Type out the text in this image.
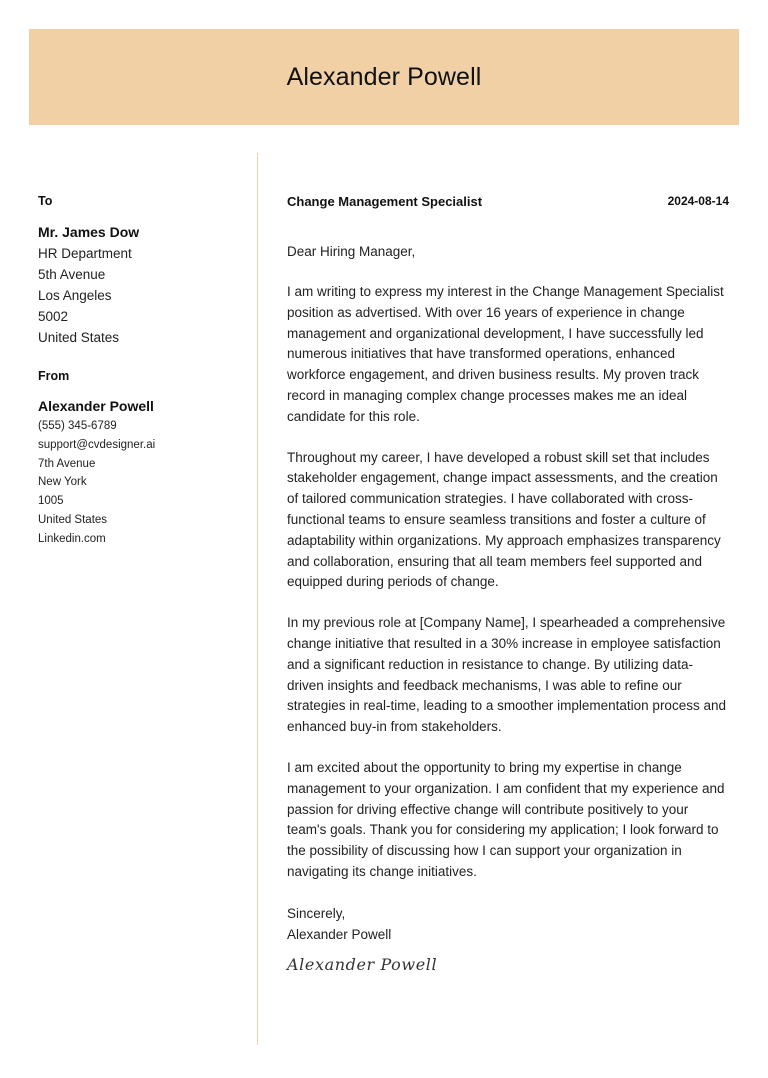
Alexander Powell
To
Mr. James Dow
HR Department
5th Avenue
Los Angeles
5002
United States
From
Alexander Powell
(555) 345-6789
support@cvdesigner.ai
7th Avenue
New York
1005
United States
Linkedin.com
Change Management Specialist	2024-08-14
Dear Hiring Manager,
I am writing to express my interest in the Change Management Specialist position as advertised. With over 16 years of experience in change management and organizational development, I have successfully led numerous initiatives that have transformed operations, enhanced workforce engagement, and driven business results. My proven track record in managing complex change processes makes me an ideal candidate for this role.
Throughout my career, I have developed a robust skill set that includes stakeholder engagement, change impact assessments, and the creation of tailored communication strategies. I have collaborated with cross-functional teams to ensure seamless transitions and foster a culture of adaptability within organizations. My approach emphasizes transparency and collaboration, ensuring that all team members feel supported and equipped during periods of change.
In my previous role at [Company Name], I spearheaded a comprehensive change initiative that resulted in a 30% increase in employee satisfaction and a significant reduction in resistance to change. By utilizing data-driven insights and feedback mechanisms, I was able to refine our strategies in real-time, leading to a smoother implementation process and enhanced buy-in from stakeholders.
I am excited about the opportunity to bring my expertise in change management to your organization. I am confident that my experience and passion for driving effective change will contribute positively to your team's goals. Thank you for considering my application; I look forward to the possibility of discussing how I can support your organization in navigating its change initiatives.
Sincerely,
Alexander Powell
Alexander Powell
